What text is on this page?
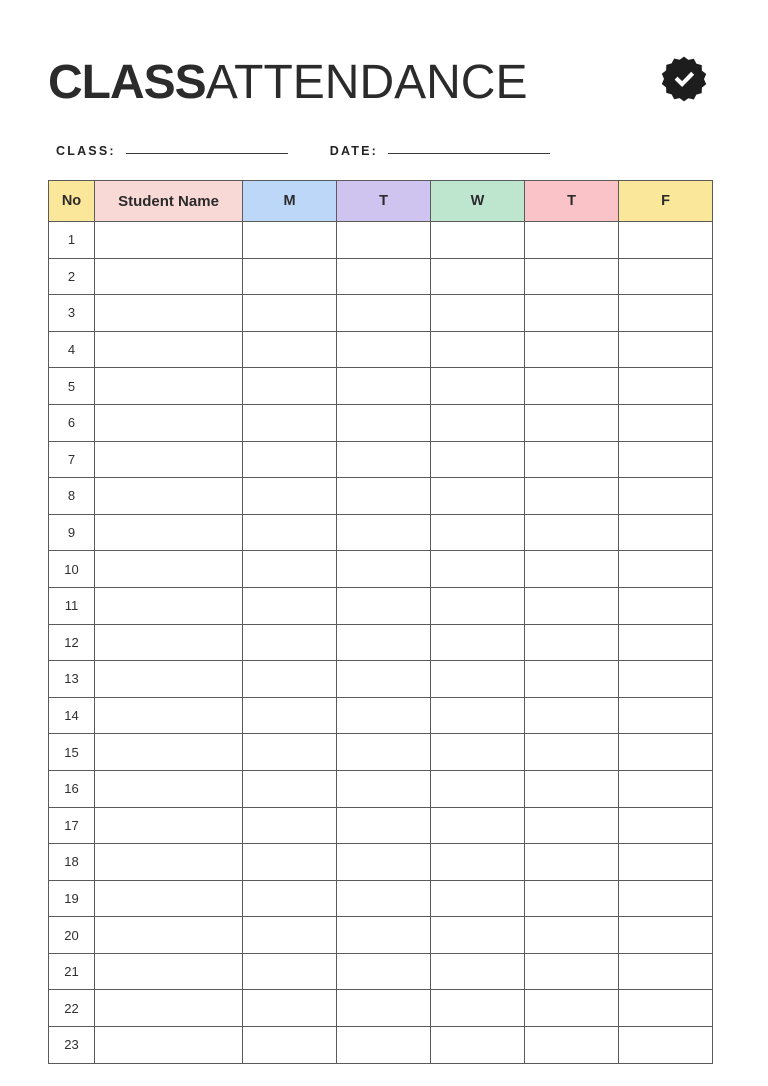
CLASSATTENDANCE
CLASS:	DATE:
No	Student Name	M	T	W	T	F
1						
2						
3						
4						
5						
6						
7						
8						
9						
10						
11						
12						
13						
14						
15						
16						
17						
18						
19						
20						
21						
22						
23						
